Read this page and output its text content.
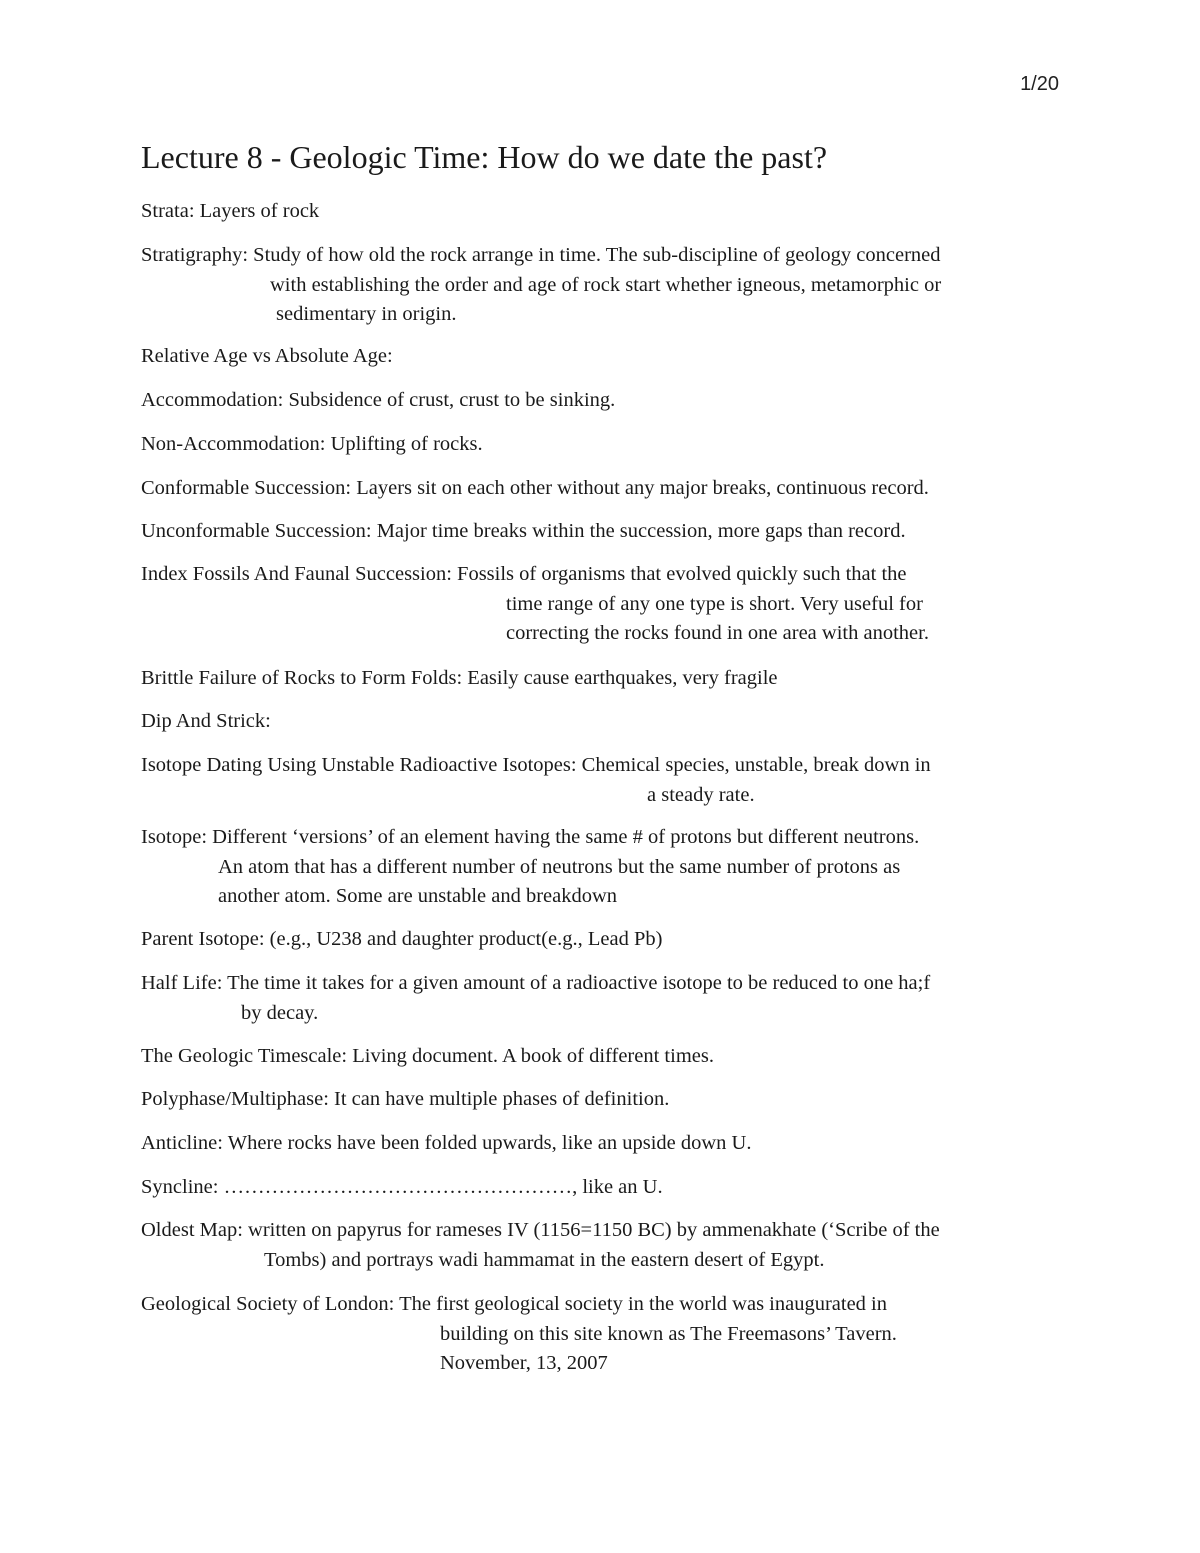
1/20
Lecture 8 - Geologic Time: How do we date the past?
Strata: Layers of rock
Stratigraphy: Study of how old the rock arrange in time. The sub-discipline of geology concerned
with establishing the order and age of rock start whether igneous, metamorphic or
sedimentary in origin.
Relative Age vs Absolute Age:
Accommodation: Subsidence of crust, crust to be sinking.
Non-Accommodation: Uplifting of rocks.
Conformable Succession: Layers sit on each other without any major breaks, continuous record.
Unconformable Succession: Major time breaks within the succession, more gaps than record.
Index Fossils And Faunal Succession: Fossils of organisms that evolved quickly such that the
time range of any one type is short. Very useful for
correcting the rocks found in one area with another.
Brittle Failure of Rocks to Form Folds: Easily cause earthquakes, very fragile
Dip And Strick:
Isotope Dating Using Unstable Radioactive Isotopes: Chemical species, unstable, break down in
a steady rate.
Isotope: Different ‘versions’ of an element having the same # of protons but different neutrons.
An atom that has a different number of neutrons but the same number of protons as
another atom. Some are unstable and breakdown
Parent Isotope: (e.g., U238 and daughter product(e.g., Lead Pb)
Half Life: The time it takes for a given amount of a radioactive isotope to be reduced to one ha;f
by decay.
The Geologic Timescale: Living document. A book of different times.
Polyphase/Multiphase: It can have multiple phases of definition.
Anticline: Where rocks have been folded upwards, like an upside down U.
Syncline: ……………………………………………, like an U.
Oldest Map: written on papyrus for rameses IV (1156=1150 BC) by ammenakhate (‘Scribe of the
Tombs) and portrays wadi hammamat in the eastern desert of Egypt.
Geological Society of London: The first geological society in the world was inaugurated in
building on this site known as The Freemasons’ Tavern.
November, 13, 2007
